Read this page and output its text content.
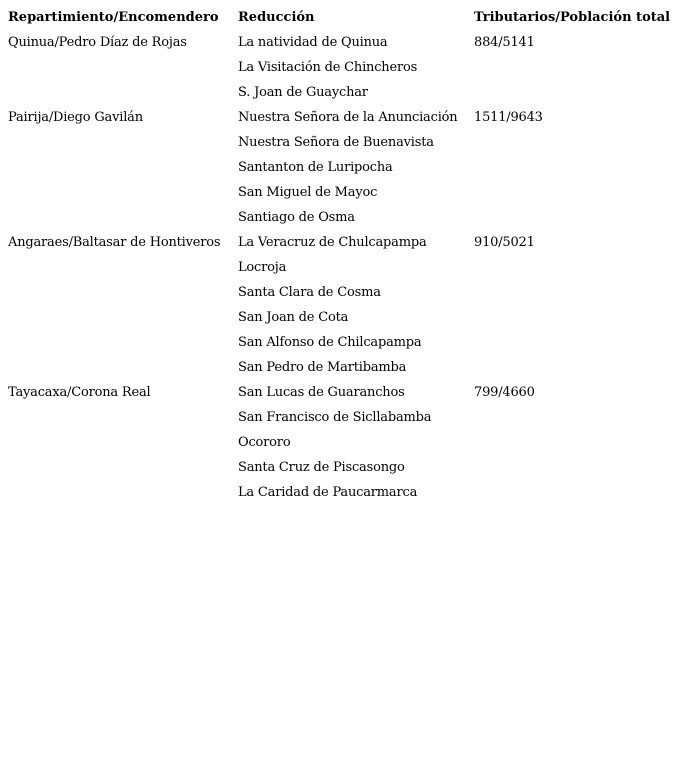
Repartimiento/Encomendero	Reducción	Tributarios/Población total
Quinua/Pedro Díaz de Rojas	La natividad de Quinua	884/5141
	La Visitación de Chincheros	
	S. Joan de Guaychar	
Pairija/Diego Gavilán	Nuestra Señora de la Anunciación	1511/9643
	Nuestra Señora de Buenavista	
	Santanton de Luripocha	
	San Miguel de Mayoc	
	Santiago de Osma	
Angaraes/Baltasar de Hontiveros	La Veracruz de Chulcapampa	910/5021
	Locroja	
	Santa Clara de Cosma	
	San Joan de Cota	
	San Alfonso de Chilcapampa	
	San Pedro de Martibamba	
Tayacaxa/Corona Real	San Lucas de Guaranchos	799/4660
	San Francisco de Sicllabamba	
	Ocororo	
	Santa Cruz de Piscasongo	
	La Caridad de Paucarmarca	
